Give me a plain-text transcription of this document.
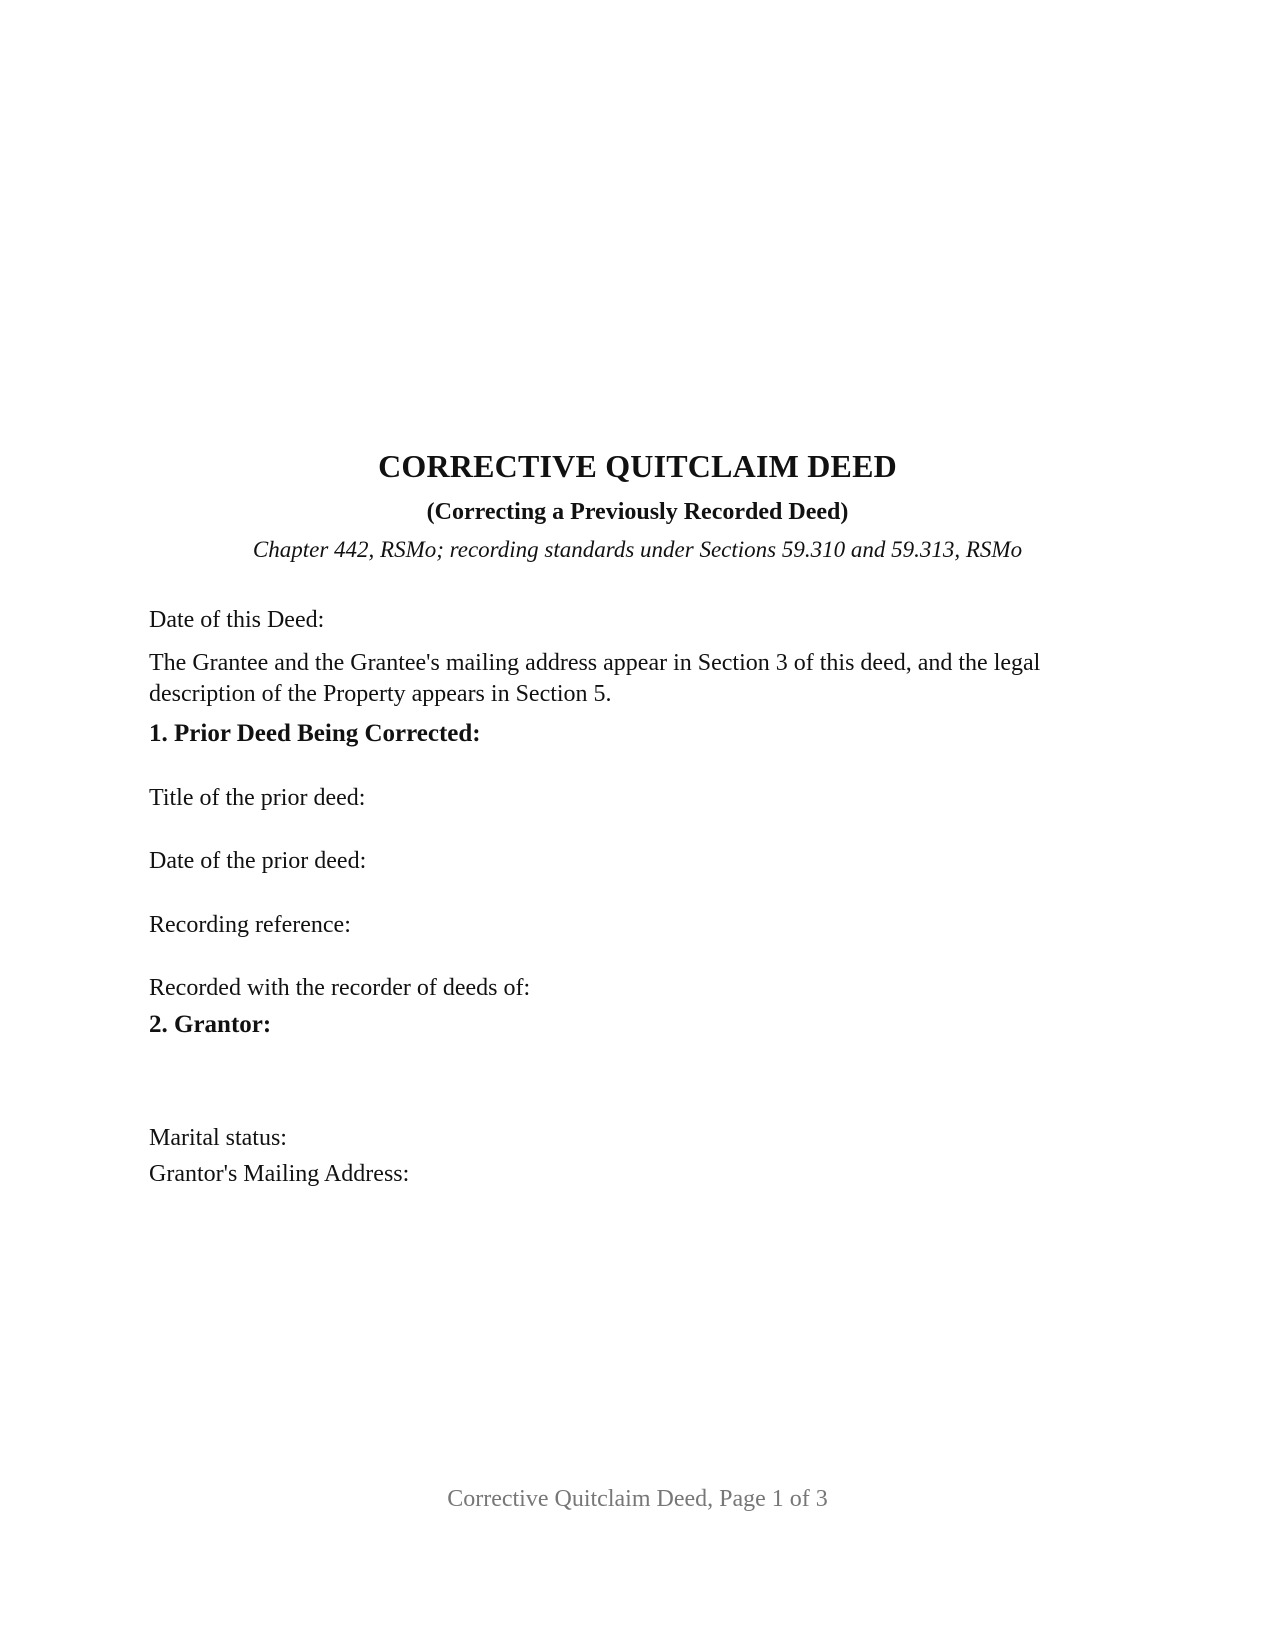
CORRECTIVE QUITCLAIM DEED
(Correcting a Previously Recorded Deed)
Chapter 442, RSMo; recording standards under Sections 59.310 and 59.313, RSMo
Date of this Deed:
The Grantee and the Grantee's mailing address appear in Section 3 of this deed, and the legal description of the Property appears in Section 5.
1. Prior Deed Being Corrected:
Title of the prior deed:
Date of the prior deed:
Recording reference:
Recorded with the recorder of deeds of:
2. Grantor:
Marital status:
Grantor's Mailing Address:
Corrective Quitclaim Deed, Page 1 of 3
